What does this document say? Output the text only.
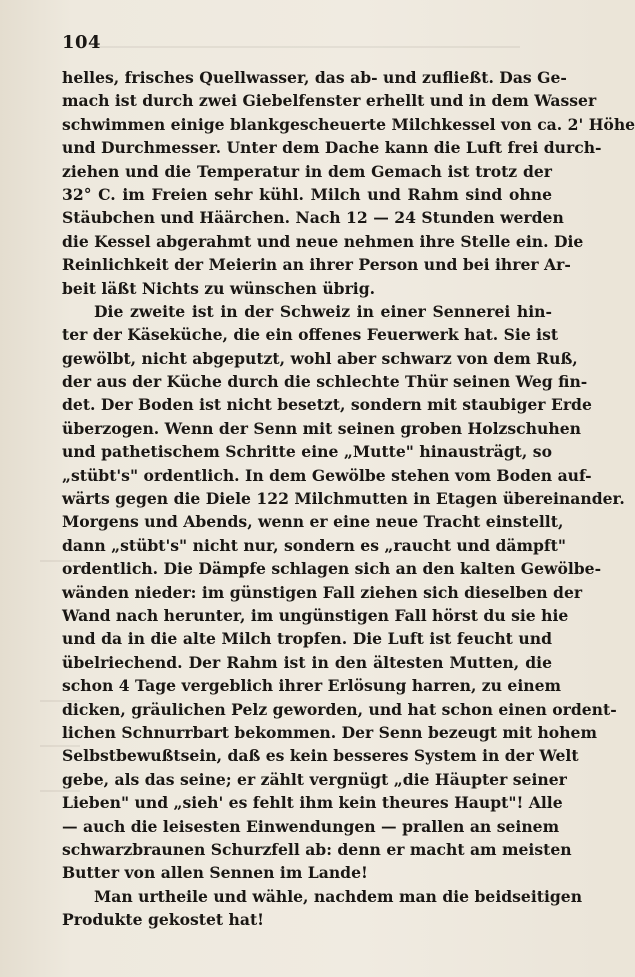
104
helles, frisches Quellwasser, das ab- und zufließt. Das Ge-
mach ist durch zwei Giebelfenster erhellt und in dem Wasser
schwimmen einige blankgescheuerte Milchkessel von ca. 2' Höhe
und Durchmesser. Unter dem Dache kann die Luft frei durch-
ziehen und die Temperatur in dem Gemach ist trotz der
32° C. im Freien sehr kühl. Milch und Rahm sind ohne
Stäubchen und Häärchen. Nach 12 — 24 Stunden werden
die Kessel abgerahmt und neue nehmen ihre Stelle ein. Die
Reinlichkeit der Meierin an ihrer Person und bei ihrer Ar-
beit läßt Nichts zu wünschen übrig.
Die zweite ist in der Schweiz in einer Sennerei hin-
ter der Käseküche, die ein offenes Feuerwerk hat. Sie ist
gewölbt, nicht abgeputzt, wohl aber schwarz von dem Ruß,
der aus der Küche durch die schlechte Thür seinen Weg fin-
det. Der Boden ist nicht besetzt, sondern mit staubiger Erde
überzogen. Wenn der Senn mit seinen groben Holzschuhen
und pathetischem Schritte eine „Mutte" hinausträgt, so
„stübt's" ordentlich. In dem Gewölbe stehen vom Boden auf-
wärts gegen die Diele 122 Milchmutten in Etagen übereinander.
Morgens und Abends, wenn er eine neue Tracht einstellt,
dann „stübt's" nicht nur, sondern es „raucht und dämpft"
ordentlich. Die Dämpfe schlagen sich an den kalten Gewölbe-
wänden nieder: im günstigen Fall ziehen sich dieselben der
Wand nach herunter, im ungünstigen Fall hörst du sie hie
und da in die alte Milch tropfen. Die Luft ist feucht und
übelriechend. Der Rahm ist in den ältesten Mutten, die
schon 4 Tage vergeblich ihrer Erlösung harren, zu einem
dicken, gräulichen Pelz geworden, und hat schon einen ordent-
lichen Schnurrbart bekommen. Der Senn bezeugt mit hohem
Selbstbewußtsein, daß es kein besseres System in der Welt
gebe, als das seine; er zählt vergnügt „die Häupter seiner
Lieben" und „sieh' es fehlt ihm kein theures Haupt"! Alle
— auch die leisesten Einwendungen — prallen an seinem
schwarzbraunen Schurzfell ab: denn er macht am meisten
Butter von allen Sennen im Lande!
Man urtheile und wähle, nachdem man die beidseitigen
Produkte gekostet hat!
